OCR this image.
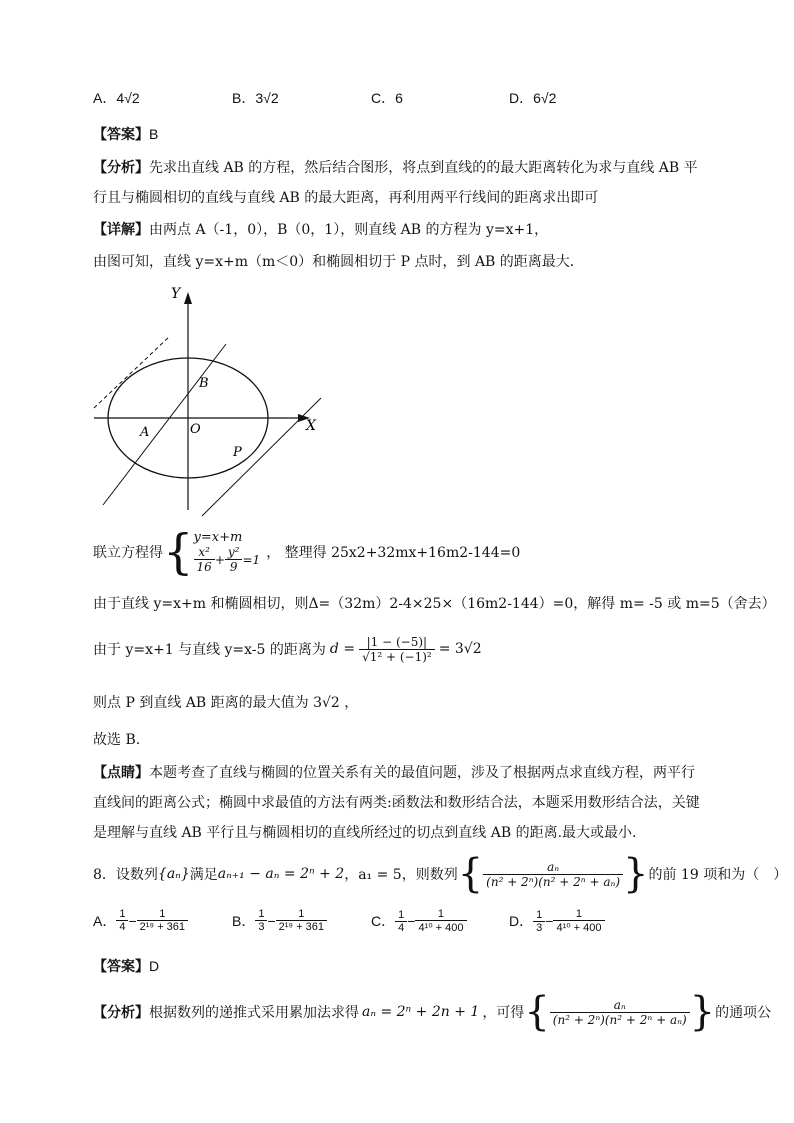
A．4√2	B．3√2	C．6	D．6√2
【答案】B
【分析】先求出直线 AB 的方程，然后结合图形，将点到直线的的最大距离转化为求与直线 AB 平
行且与椭圆相切的直线与直线 AB 的最大距离，再利用两平行线间的距离求出即可
【详解】由两点 A（-1，0），B（0，1），则直线 AB 的方程为 y=x+1，
由图可知，直线 y=x+m（m＜0）和椭圆相切于 P 点时，到 AB 的距离最大．
Y
X
A
B
O
P
联立方程得 { y=x+m
$\frac{\text{x²}}{16} + \frac{\text{y²}}{9} =1$ ， 整理得 25x2+32mx+16m2-144=0
由于直线 y=x+m 和椭圆相切，则Δ=（32m）2-4×25×（16m2-144）=0，解得 m= -5 或 m=5（舍去）
由于 y=x+1 与直线 y=x-5 的距离为 $d = \frac{|1 - (-5)|}{\text{√1² + (−1)²}} = 3√2$
则点 P 到直线 AB 距离的最大值为 3√2 ，
故选 B.
【点睛】本题考查了直线与椭圆的位置关系有关的最值问题，涉及了根据两点求直线方程，两平行
直线间的距离公式；椭圆中求最值的方法有两类:函数法和数形结合法，本题采用数形结合法，关键
是理解与直线 AB 平行且与椭圆相切的直线所经过的切点到直线 AB 的距离.最大或最小.
8．设数列 {aₙ} 满足 aₙ₊₁ − aₙ = 2ⁿ + 2 ，a₁ = 5，则数列 { $\frac{\text{aₙ}}{\text{(n² + 2ⁿ)(n² + 2ⁿ + aₙ)}}$ } 的前 19 项和为（　）
A． $\frac{1}{4} - \frac{1}{\text{2¹⁹ + 361}}$	B． $\frac{1}{3} - \frac{1}{\text{2¹⁹ + 361}}$	C． $\frac{1}{4} - \frac{1}{\text{4¹⁰ + 400}}$	D． $\frac{1}{3} - \frac{1}{\text{4¹⁰ + 400}}$
【答案】D
【分析】 根据数列的递推式采用累加法求得 aₙ = 2ⁿ + 2n + 1 ，可得 { $\frac{\text{aₙ}}{\text{(n² + 2ⁿ)(n² + 2ⁿ + aₙ)}}$ } 的通项公
